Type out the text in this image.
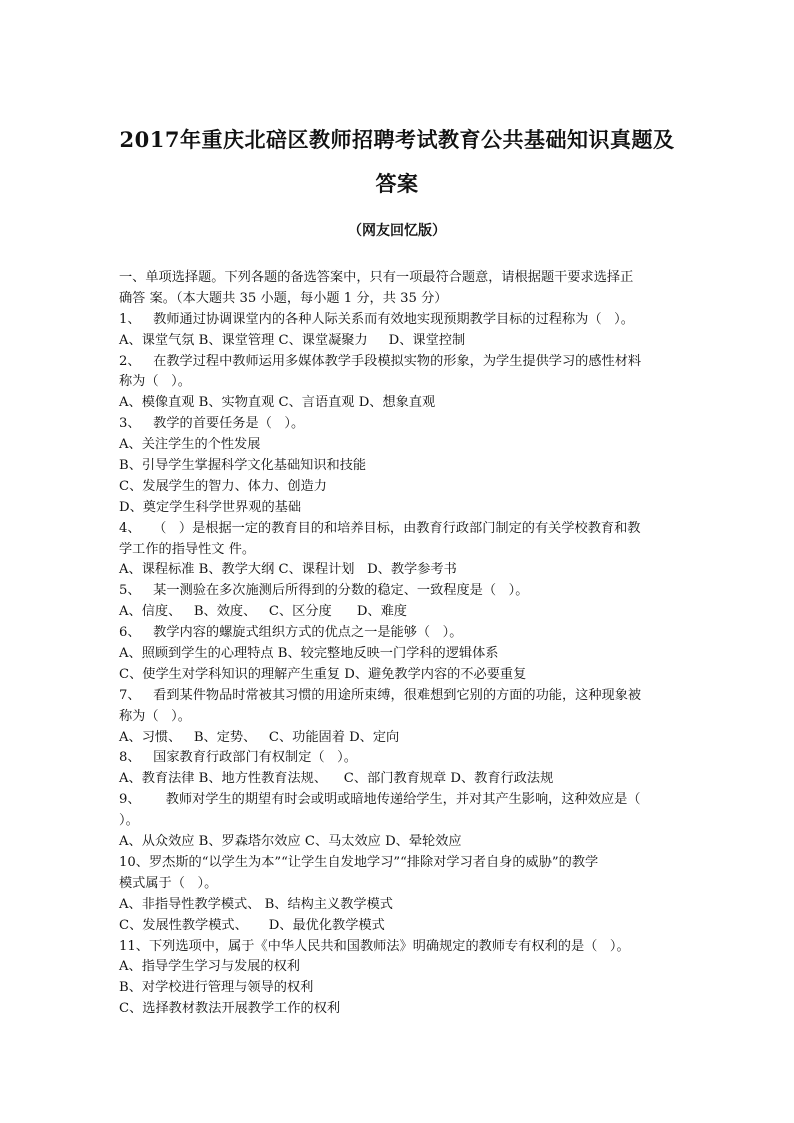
2017年重庆北碚区教师招聘考试教育公共基础知识真题及
答案
（网友回忆版）
一、单项选择题。下列各题的备选答案中，只有一项最符合题意，请根据题干要求选择正
确答 案。（本大题共 35 小题，每小题 1 分，共 35 分）
1、   教师通过协调课堂内的各种人际关系而有效地实现预期教学目标的过程称为（   ）。
A、课堂气氛 B、课堂管理 C、课堂凝聚力     D、课堂控制
2、   在教学过程中教师运用多媒体教学手段模拟实物的形象，为学生提供学习的感性材料
称为（   ）。
A、模像直观 B、实物直观 C、言语直观 D、想象直观
3、   教学的首要任务是（   ）。
A、关注学生的个性发展
B、引导学生掌握科学文化基础知识和技能
C、发展学生的智力、体力、创造力
D、奠定学生科学世界观的基础
4、   （   ）是根据一定的教育目的和培养目标，由教育行政部门制定的有关学校教育和教
学工作的指导性文 件。
A、课程标准 B、教学大纲 C、课程计划   D、教学参考书
5、   某一测验在多次施测后所得到的分数的稳定、一致程度是（   ）。
A、信度、   B、效度、   C、区分度      D、难度
6、   教学内容的螺旋式组织方式的优点之一是能够（   ）。
A、照顾到学生的心理特点 B、较完整地反映一门学科的逻辑体系
C、使学生对学科知识的理解产生重复 D、避免教学内容的不必要重复
7、   看到某件物品时常被其习惯的用途所束缚，很难想到它别的方面的功能，这种现象被
称为（   ）。
A、习惯、   B、定势、   C、功能固着 D、定向
8、   国家教育行政部门有权制定（   ）。
A、教育法律 B、地方性教育法规、    C、部门教育规章 D、教育行政法规
9、      教师对学生的期望有时会或明或暗地传递给学生，并对其产生影响，这种效应是（
）。
A、从众效应 B、罗森塔尔效应 C、马太效应 D、晕轮效应
10、罗杰斯的“以学生为本”“让学生自发地学习”“排除对学习者自身的威胁”的教学
模式属于（   ）。
A、非指导性教学模式、 B、结构主义教学模式
C、发展性教学模式、     D、最优化教学模式
11、下列选项中，属于《中华人民共和国教师法》明确规定的教师专有权利的是（   ）。
A、指导学生学习与发展的权利
B、对学校进行管理与领导的权利
C、选择教材教法开展教学工作的权利
